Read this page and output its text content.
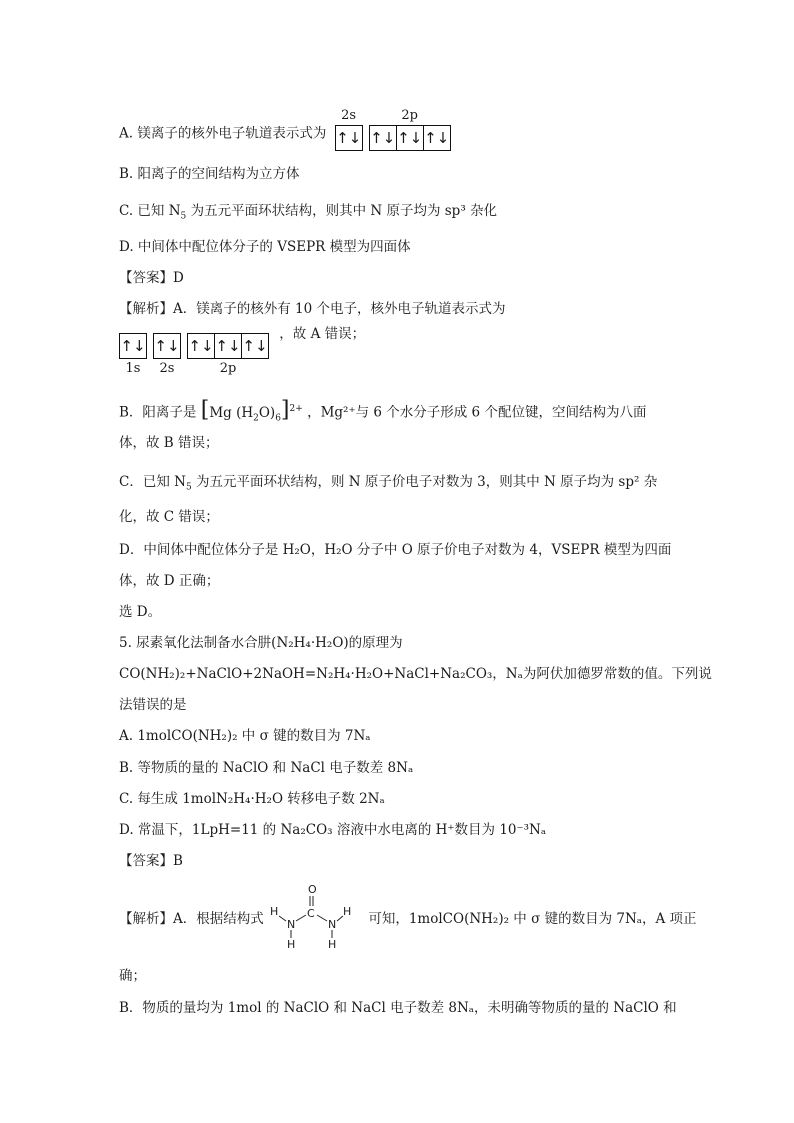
A. 镁离子的核外电子轨道表示式为
2s
↑↓
2p
↑↓ ↑↓ ↑↓
B. 阳离子的空间结构为立方体
C. 已知 $N_5$ 为五元平面环状结构，则其中 N 原子均为 sp³ 杂化
D. 中间体中配位体分子的 VSEPR 模型为四面体
【答案】D
【解析】A．镁离子的核外有 10 个电子，核外电子轨道表示式为
↑↓
1s
↑↓
2s
↑↓ ↑↓ ↑↓
2p
，故 A 错误；
B．阳离子是 [Mg $(H_2O)_6]^{2+}$ ，Mg²⁺与 6 个水分子形成 6 个配位键，空间结构为八面
体，故 B 错误；
C．已知 $N_5$ 为五元平面环状结构，则 N 原子价电子对数为 3，则其中 N 原子均为 sp² 杂
化，故 C 错误；
D．中间体中配位体分子是 H₂O，H₂O 分子中 O 原子价电子对数为 4，VSEPR 模型为四面
体，故 D 正确；
选 D。
5. 尿素氧化法制备水合肼(N₂H₄·H₂O)的原理为
CO(NH₂)₂+NaClO+2NaOH=N₂H₄·H₂O+NaCl+Na₂CO₃，Nₐ为阿伏加德罗常数的值。下列说
法错误的是
A. 1molCO(NH₂)₂ 中 σ 键的数目为 7Nₐ
B. 等物质的量的 NaClO 和 NaCl 电子数差 8Nₐ
C. 每生成 1molN₂H₄·H₂O 转移电子数 2Nₐ
D. 常温下，1LpH=11 的 Na₂CO₃ 溶液中水电离的 H⁺数目为 10⁻³Nₐ
【答案】B
【解析】A．根据结构式	可知，1molCO(NH₂)₂ 中 σ 键的数目为 7Nₐ，A 项正
O
C
N	N
H
H
H
H
确；
B．物质的量均为 1mol 的 NaClO 和 NaCl 电子数差 8Nₐ，未明确等物质的量的 NaClO 和
